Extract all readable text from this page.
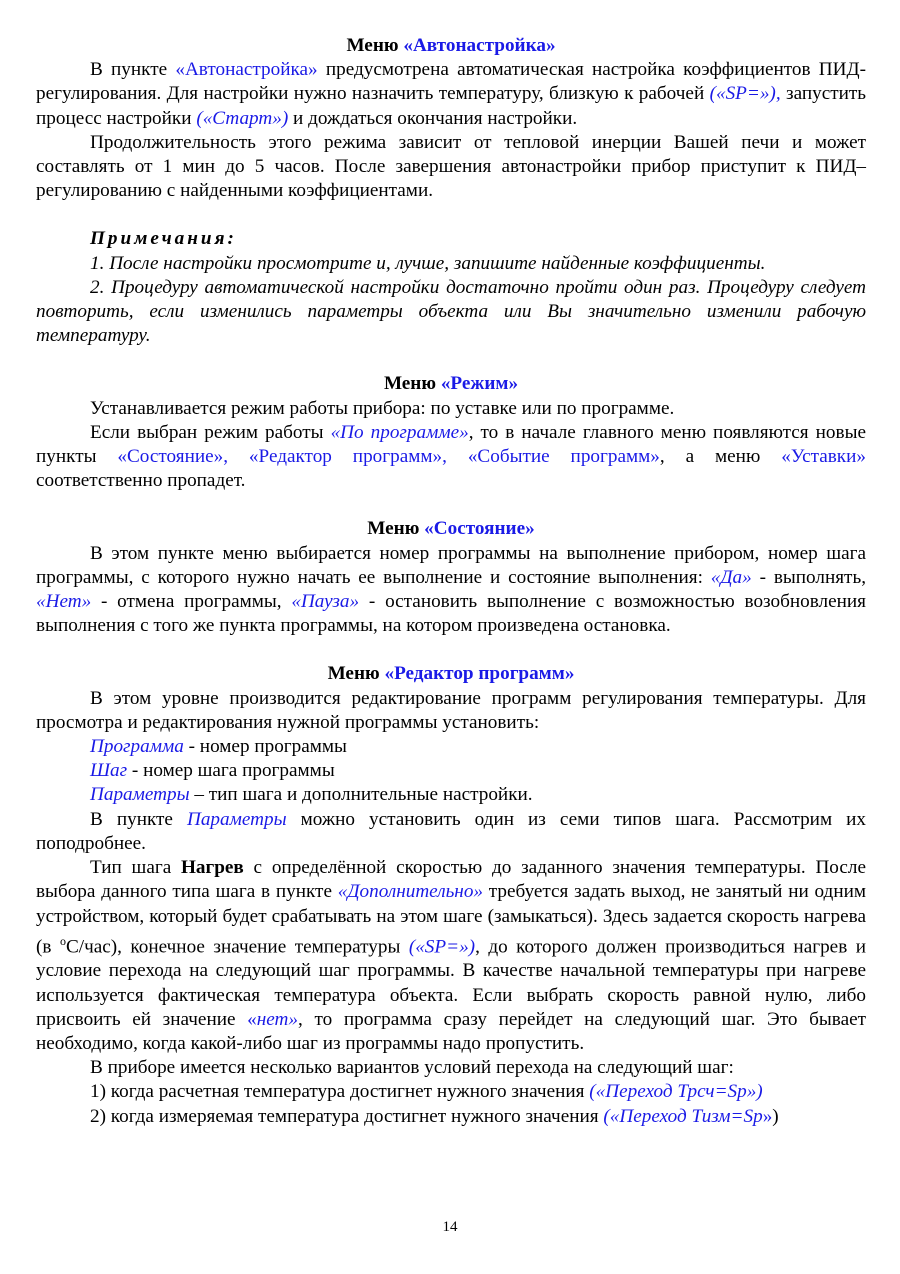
Меню «Автонастройка»

В пункте «Автонастройка» предусмотрена автоматическая настройка коэффициентов ПИД-регулирования. Для настройки нужно назначить температуру, близкую к рабочей («SP=»), запустить процесс настройки («Старт») и дождаться окончания настройки.

Продолжительность этого режима зависит от тепловой инерции Вашей печи и может составлять от 1 мин до 5 часов. После завершения автонастройки прибор приступит к ПИД–регулированию с найденными коэффициентами.

Примечания:

1. После настройки просмотрите и, лучше, запишите найденные коэффициенты.

2. Процедуру автоматической настройки достаточно пройти один раз. Процедуру следует повторить, если изменились параметры объекта или Вы значительно изменили рабочую температуру.

Меню «Режим»

Устанавливается режим работы прибора: по уставке или по программе.

Если выбран режим работы «По программе», то в начале главного меню появляются новые пункты «Состояние», «Редактор программ», «Событие программ», а меню «Уставки» соответственно пропадет.

Меню «Состояние»

В этом пункте меню выбирается номер программы на выполнение прибором, номер шага программы, с которого нужно начать ее выполнение и состояние выполнения: «Да» - выполнять, «Нет» - отмена программы, «Пауза» - остановить выполнение с возможностью возобновления выполнения с того же пункта программы, на котором произведена остановка.

Меню «Редактор программ»

В этом уровне производится редактирование программ регулирования температуры. Для просмотра и редактирования нужной программы установить:

Программа - номер программы

Шаг - номер шага программы

Параметры – тип шага и дополнительные настройки.

В пункте Параметры можно установить один из семи типов шага. Рассмотрим их поподробнее.

Тип шага Нагрев с определённой скоростью до заданного значения температуры. После выбора данного типа шага в пункте «Дополнительно» требуется задать выход, не занятый ни одним устройством, который будет срабатывать на этом шаге (замыкаться). Здесь задается скорость нагрева (в $^о$С/час), конечное значение температуры («SP=»), до которого должен производиться нагрев и условие перехода на следующий шаг программы. В качестве начальной температуры при нагреве используется фактическая температура объекта. Если выбрать скорость равной нулю, либо присвоить ей значение «нет», то программа сразу перейдет на следующий шаг. Это бывает необходимо, когда какой-либо шаг из программы надо пропустить.

В приборе имеется несколько вариантов условий перехода на следующий шаг:

1) когда расчетная температура достигнет нужного значения («Переход Трсч=Sp»)

2) когда измеряемая температура достигнет нужного значения («Переход Тизм=Sp»)

14
